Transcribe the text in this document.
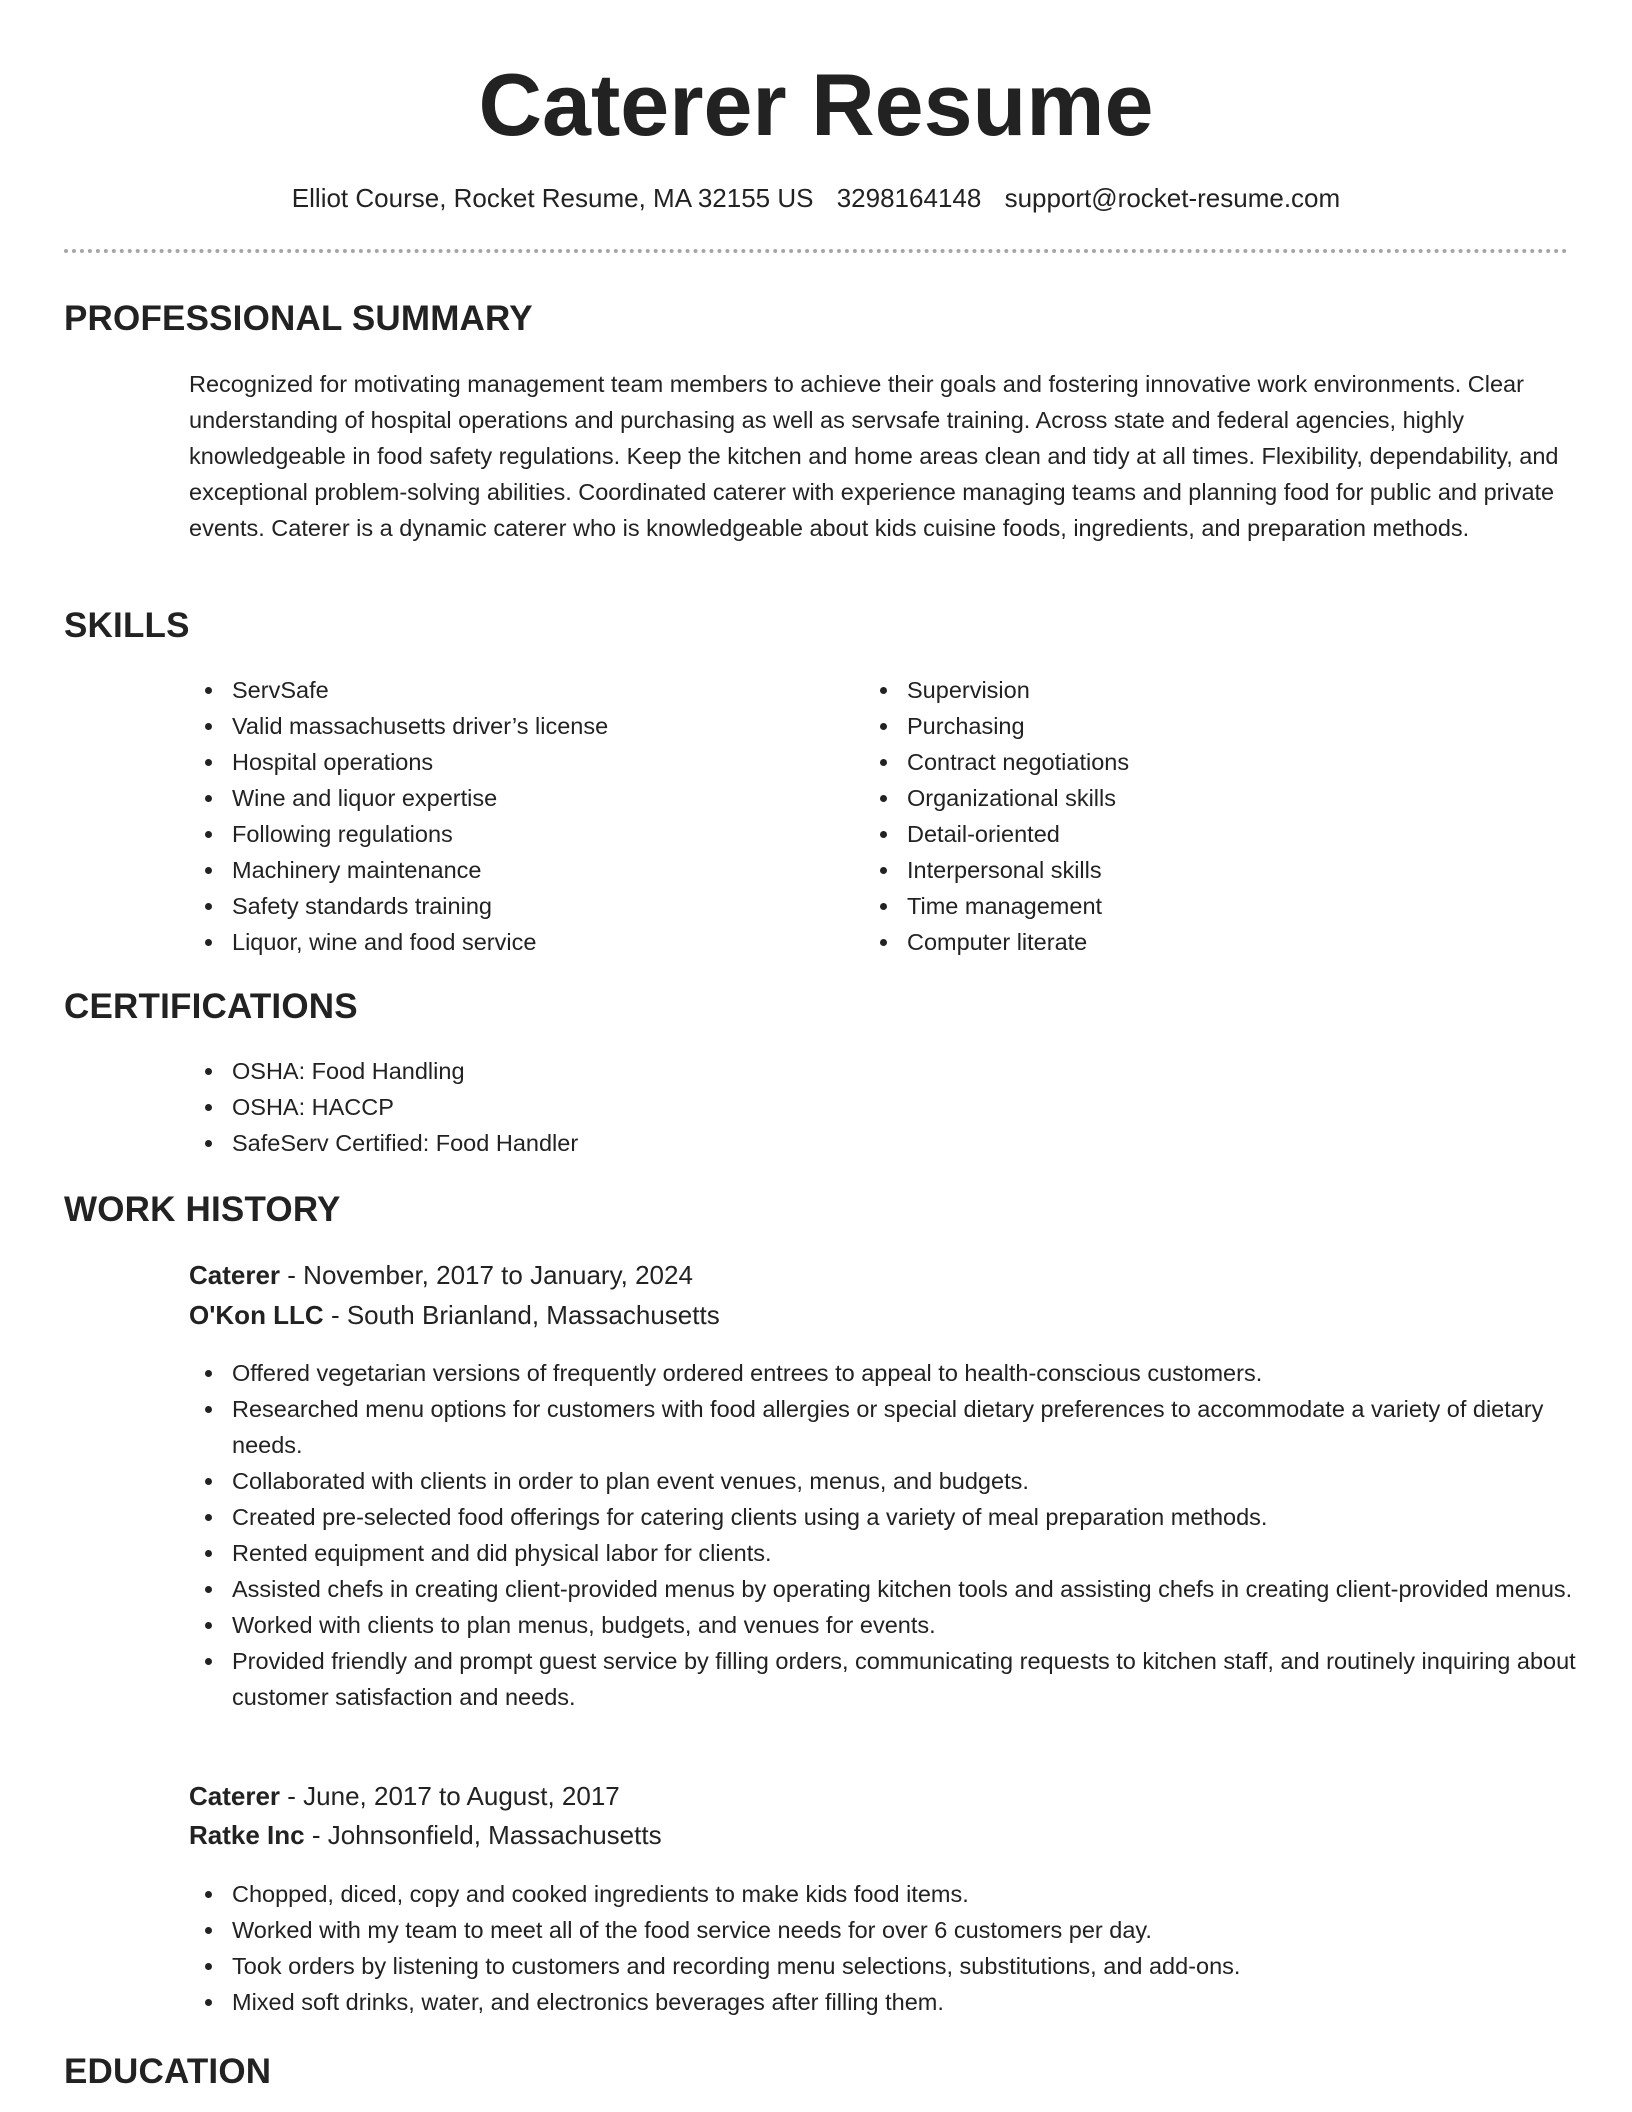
Caterer Resume
Elliot Course, Rocket Resume, MA 32155 US 3298164148 support@rocket-resume.com
PROFESSIONAL SUMMARY

Recognized for motivating management team members to achieve their goals and fostering innovative work environments. Clear understanding of hospital operations and purchasing as well as servsafe training. Across state and federal agencies, highly knowledgeable in food safety regulations. Keep the kitchen and home areas clean and tidy at all times. Flexibility, dependability, and exceptional problem-solving abilities. Coordinated caterer with experience managing teams and planning food for public and private events. Caterer is a dynamic caterer who is knowledgeable about kids cuisine foods, ingredients, and preparation methods.

SKILLS
ServSafe
Valid massachusetts driver’s license
Hospital operations
Wine and liquor expertise
Following regulations
Machinery maintenance
Safety standards training
Liquor, wine and food service
Supervision
Purchasing
Contract negotiations
Organizational skills
Detail-oriented
Interpersonal skills
Time management
Computer literate
CERTIFICATIONS
OSHA: Food Handling
OSHA: HACCP
SafeServ Certified: Food Handler
WORK HISTORY
Caterer - November, 2017 to January, 2024
O'Kon LLC - South Brianland, Massachusetts
Offered vegetarian versions of frequently ordered entrees to appeal to health-conscious customers.
Researched menu options for customers with food allergies or special dietary preferences to accommodate a variety of dietary needs.
Collaborated with clients in order to plan event venues, menus, and budgets.
Created pre-selected food offerings for catering clients using a variety of meal preparation methods.
Rented equipment and did physical labor for clients.
Assisted chefs in creating client-provided menus by operating kitchen tools and assisting chefs in creating client-provided menus.
Worked with clients to plan menus, budgets, and venues for events.
Provided friendly and prompt guest service by filling orders, communicating requests to kitchen staff, and routinely inquiring about customer satisfaction and needs.
Caterer - June, 2017 to August, 2017
Ratke Inc - Johnsonfield, Massachusetts
Chopped, diced, copy and cooked ingredients to make kids food items.
Worked with my team to meet all of the food service needs for over 6 customers per day.
Took orders by listening to customers and recording menu selections, substitutions, and add-ons.
Mixed soft drinks, water, and electronics beverages after filling them.
EDUCATION
